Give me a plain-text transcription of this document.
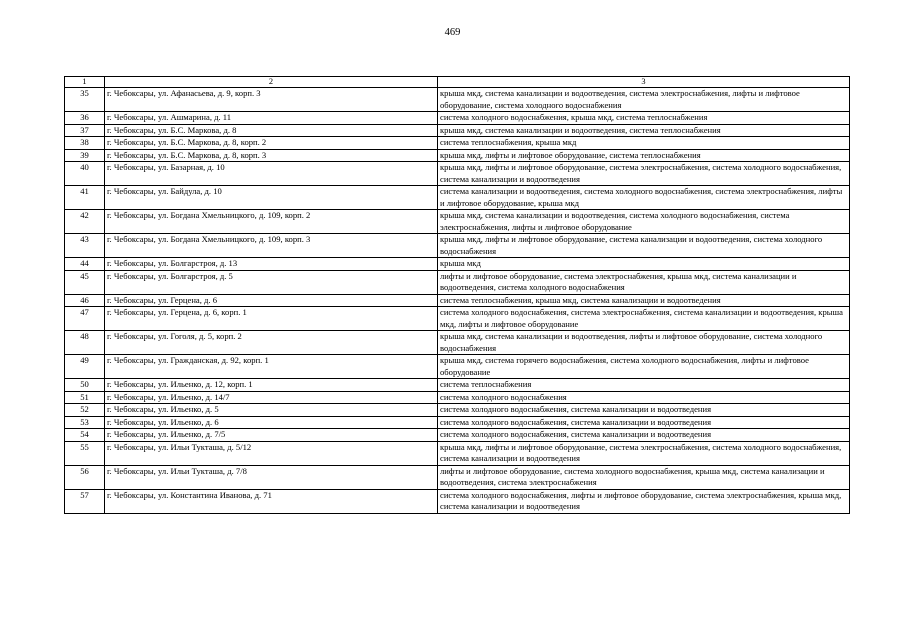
469
1	2	3
35	г. Чебоксары, ул. Афанасьева, д. 9, корп. 3	крыша мкд, система канализации и водоотведения, система электроснабжения, лифты и лифтовое оборудование, система холодного водоснабжения
36	г. Чебоксары, ул. Ашмарина, д. 11	система холодного водоснабжения, крыша мкд, система теплоснабжения
37	г. Чебоксары, ул. Б.С. Маркова, д. 8	крыша мкд, система канализации и водоотведения, система теплоснабжения
38	г. Чебоксары, ул. Б.С. Маркова, д. 8, корп. 2	система теплоснабжения, крыша мкд
39	г. Чебоксары, ул. Б.С. Маркова, д. 8, корп. 3	крыша мкд, лифты и лифтовое оборудование, система теплоснабжения
40	г. Чебоксары, ул. Базарная, д. 10	крыша мкд, лифты и лифтовое оборудование, система электроснабжения, система холодного водоснабжения, система канализации и водоотведения
41	г. Чебоксары, ул. Байдула, д. 10	система канализации и водоотведения, система холодного водоснабжения, система электроснабжения, лифты и лифтовое оборудование, крыша мкд
42	г. Чебоксары, ул. Богдана Хмельницкого, д. 109, корп. 2	крыша мкд, система канализации и водоотведения, система холодного водоснабжения, система электроснабжения, лифты и лифтовое оборудование
43	г. Чебоксары, ул. Богдана Хмельницкого, д. 109, корп. 3	крыша мкд, лифты и лифтовое оборудование, система канализации и водоотведения, система холодного водоснабжения
44	г. Чебоксары, ул. Болгарстроя, д. 13	крыша мкд
45	г. Чебоксары, ул. Болгарстроя, д. 5	лифты и лифтовое оборудование, система электроснабжения, крыша мкд, система канализации и водоотведения, система холодного водоснабжения
46	г. Чебоксары, ул. Герцена, д. 6	система теплоснабжения, крыша мкд, система канализации и водоотведения
47	г. Чебоксары, ул. Герцена, д. 6, корп. 1	система холодного водоснабжения, система электроснабжения, система канализации и водоотведения, крыша мкд, лифты и лифтовое оборудование
48	г. Чебоксары, ул. Гоголя, д. 5, корп. 2	крыша мкд, система канализации и водоотведения, лифты и лифтовое оборудование, система холодного водоснабжения
49	г. Чебоксары, ул. Гражданская, д. 92, корп. 1	крыша мкд, система горячего водоснабжения, система холодного водоснабжения, лифты и лифтовое оборудование
50	г. Чебоксары, ул. Ильенко, д. 12, корп. 1	система теплоснабжения
51	г. Чебоксары, ул. Ильенко, д. 14/7	система холодного водоснабжения
52	г. Чебоксары, ул. Ильенко, д. 5	система холодного водоснабжения, система канализации и водоотведения
53	г. Чебоксары, ул. Ильенко, д. 6	система холодного водоснабжения, система канализации и водоотведения
54	г. Чебоксары, ул. Ильенко, д. 7/5	система холодного водоснабжения, система канализации и водоотведения
55	г. Чебоксары, ул. Ильи Тукташа, д. 5/12	крыша мкд, лифты и лифтовое оборудование, система электроснабжения, система холодного водоснабжения, система канализации и водоотведения
56	г. Чебоксары, ул. Ильи Тукташа, д. 7/8	лифты и лифтовое оборудование, система холодного водоснабжения, крыша мкд, система канализации и водоотведения, система электроснабжения
57	г. Чебоксары, ул. Константина Иванова, д. 71	система холодного водоснабжения, лифты и лифтовое оборудование, система электроснабжения, крыша мкд, система канализации и водоотведения
